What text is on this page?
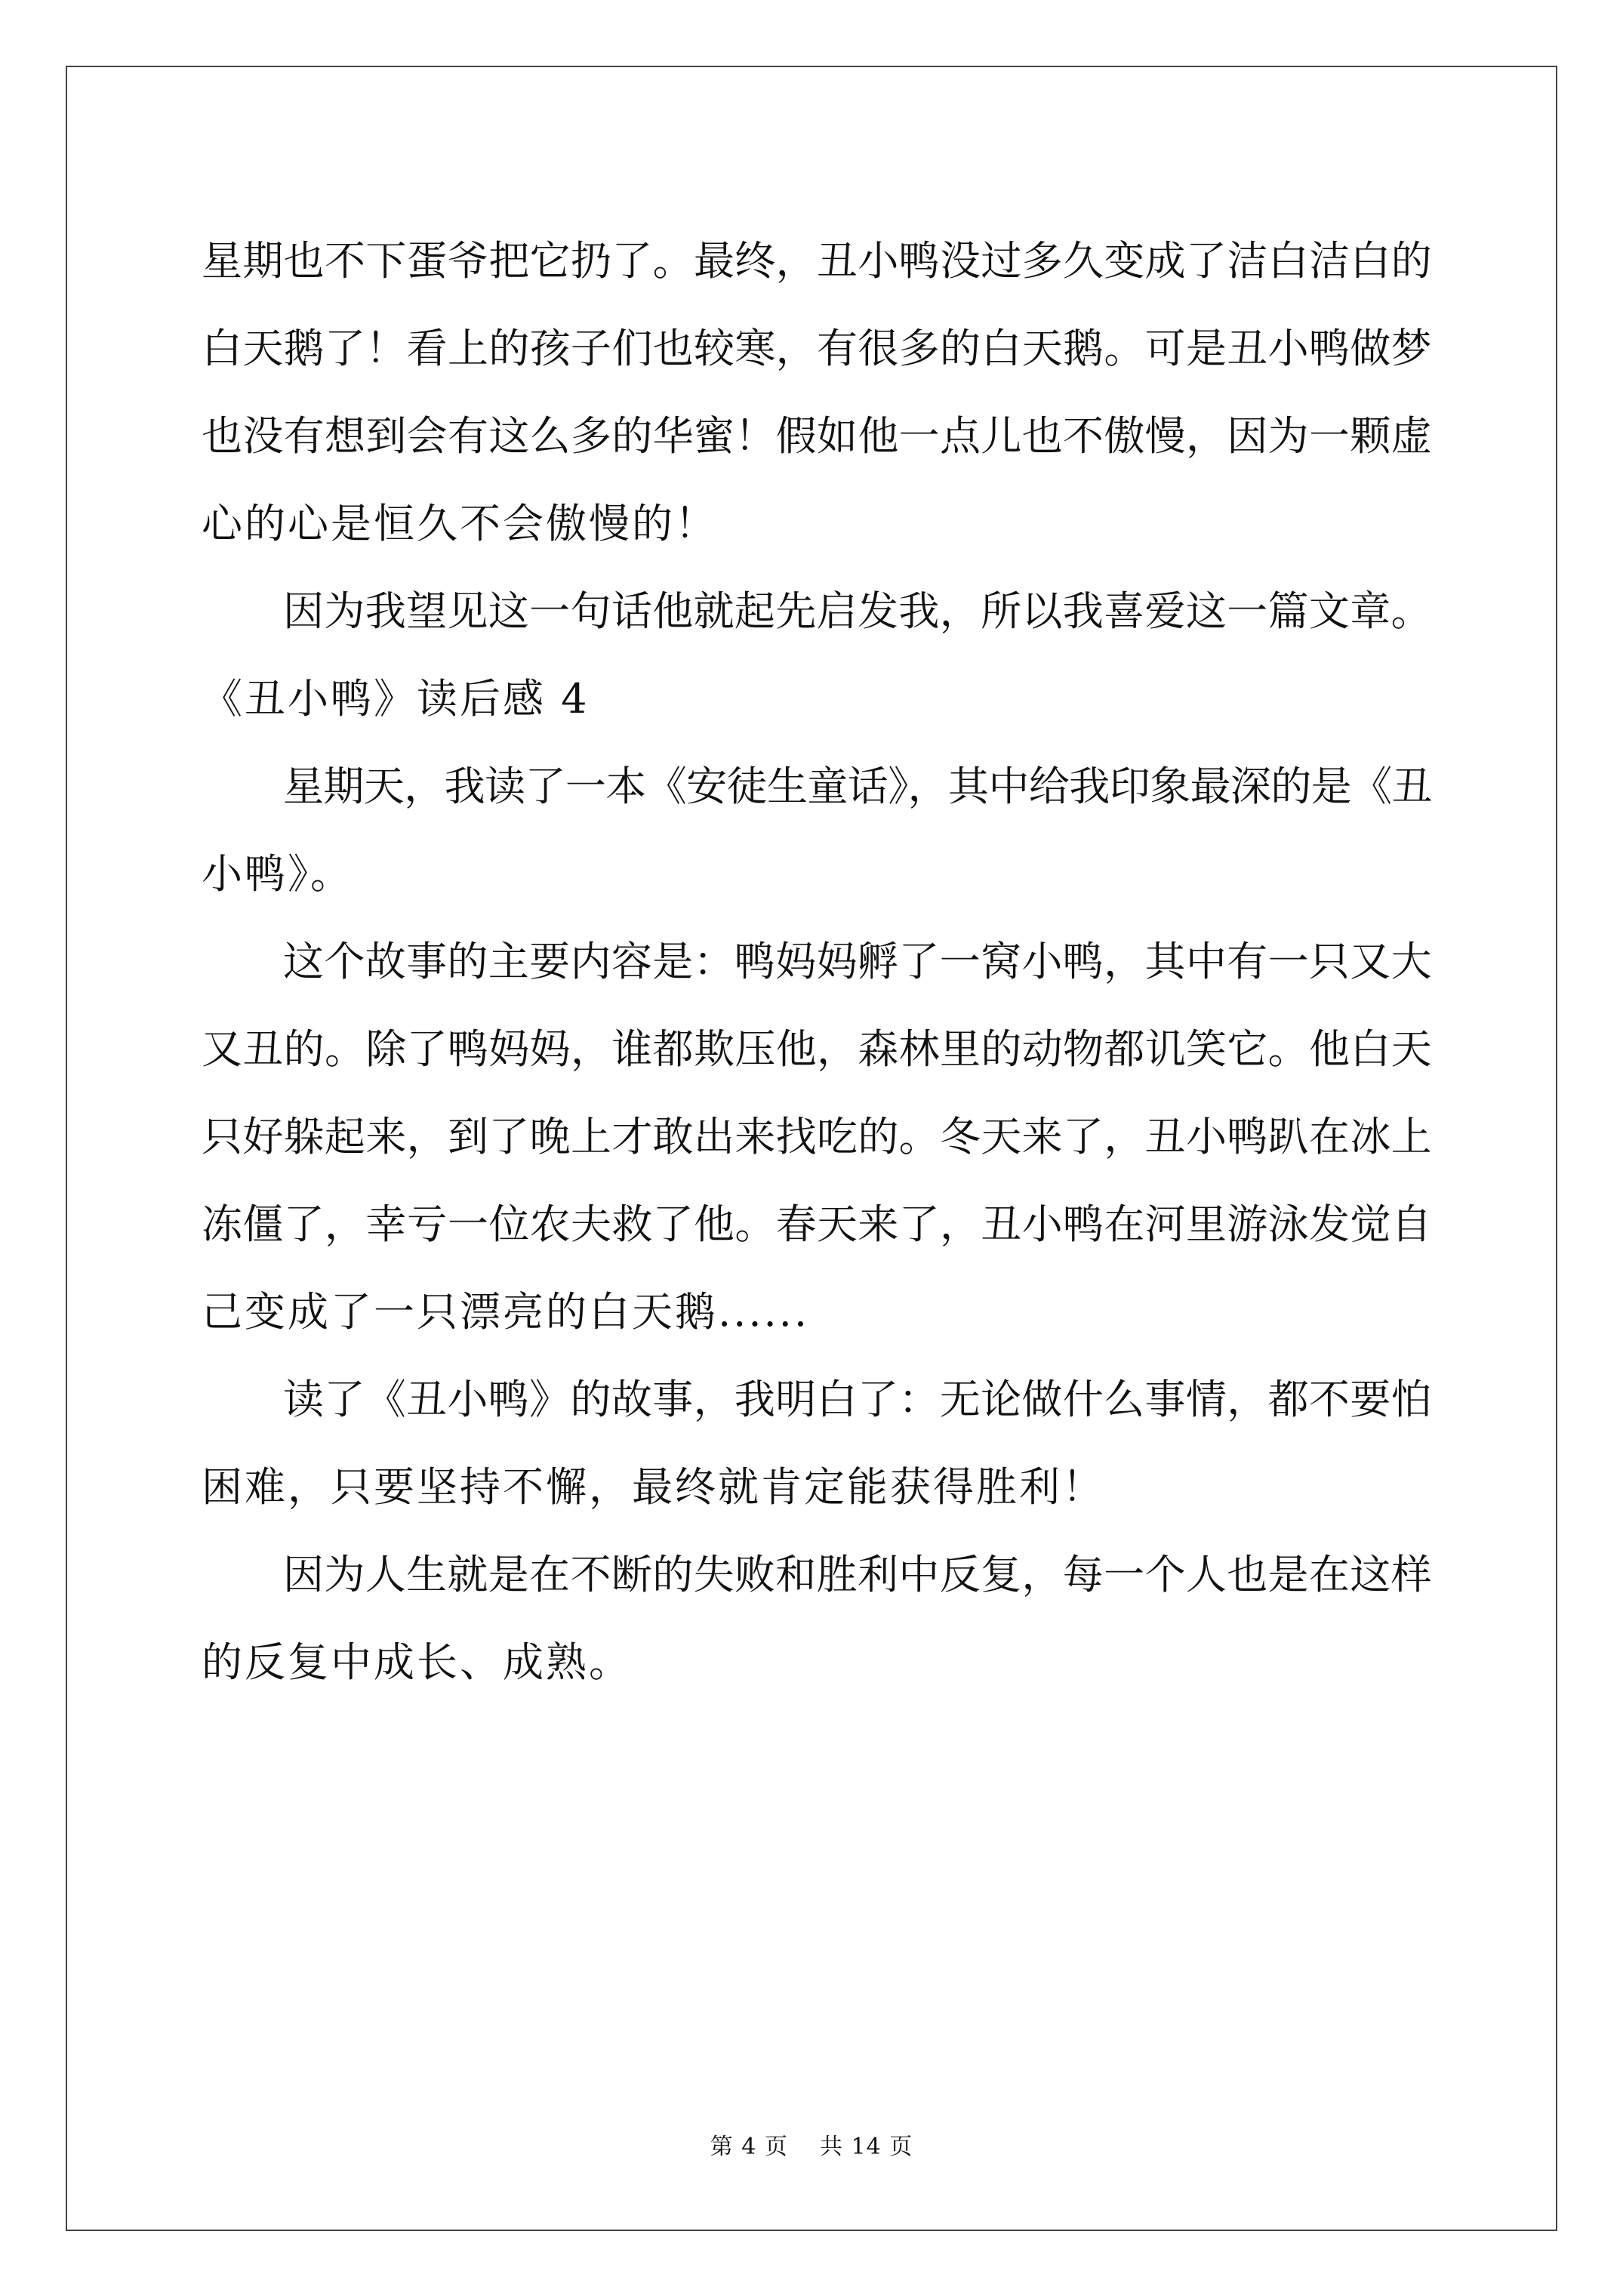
星期也不下蛋爷把它扔了。最终，丑小鸭没过多久变成了洁白洁白的
白天鹅了！看上的孩子们也较寒，有很多的白天鹅。可是丑小鸭做梦
也没有想到会有这么多的华蜜！假如他一点儿也不傲慢，因为一颗虚
心的心是恒久不会傲慢的！
因为我望见这一句话他就起先启发我，所以我喜爱这一篇文章。
《丑小鸭》读后感 4
星期天，我读了一本《安徒生童话》，其中给我印象最深的是《丑
小鸭》。
这个故事的主要内容是：鸭妈妈孵了一窝小鸭，其中有一只又大
又丑的。除了鸭妈妈，谁都欺压他，森林里的动物都讥笑它。他白天
只好躲起来，到了晚上才敢出来找吃的。冬天来了，丑小鸭趴在冰上
冻僵了，幸亏一位农夫救了他。春天来了，丑小鸭在河里游泳发觉自
己变成了一只漂亮的白天鹅......
读了《丑小鸭》的故事，我明白了：无论做什么事情，都不要怕
困难，只要坚持不懈，最终就肯定能获得胜利！
因为人生就是在不断的失败和胜利中反复，每一个人也是在这样
的反复中成长、成熟。
第 4 页    共 14 页
